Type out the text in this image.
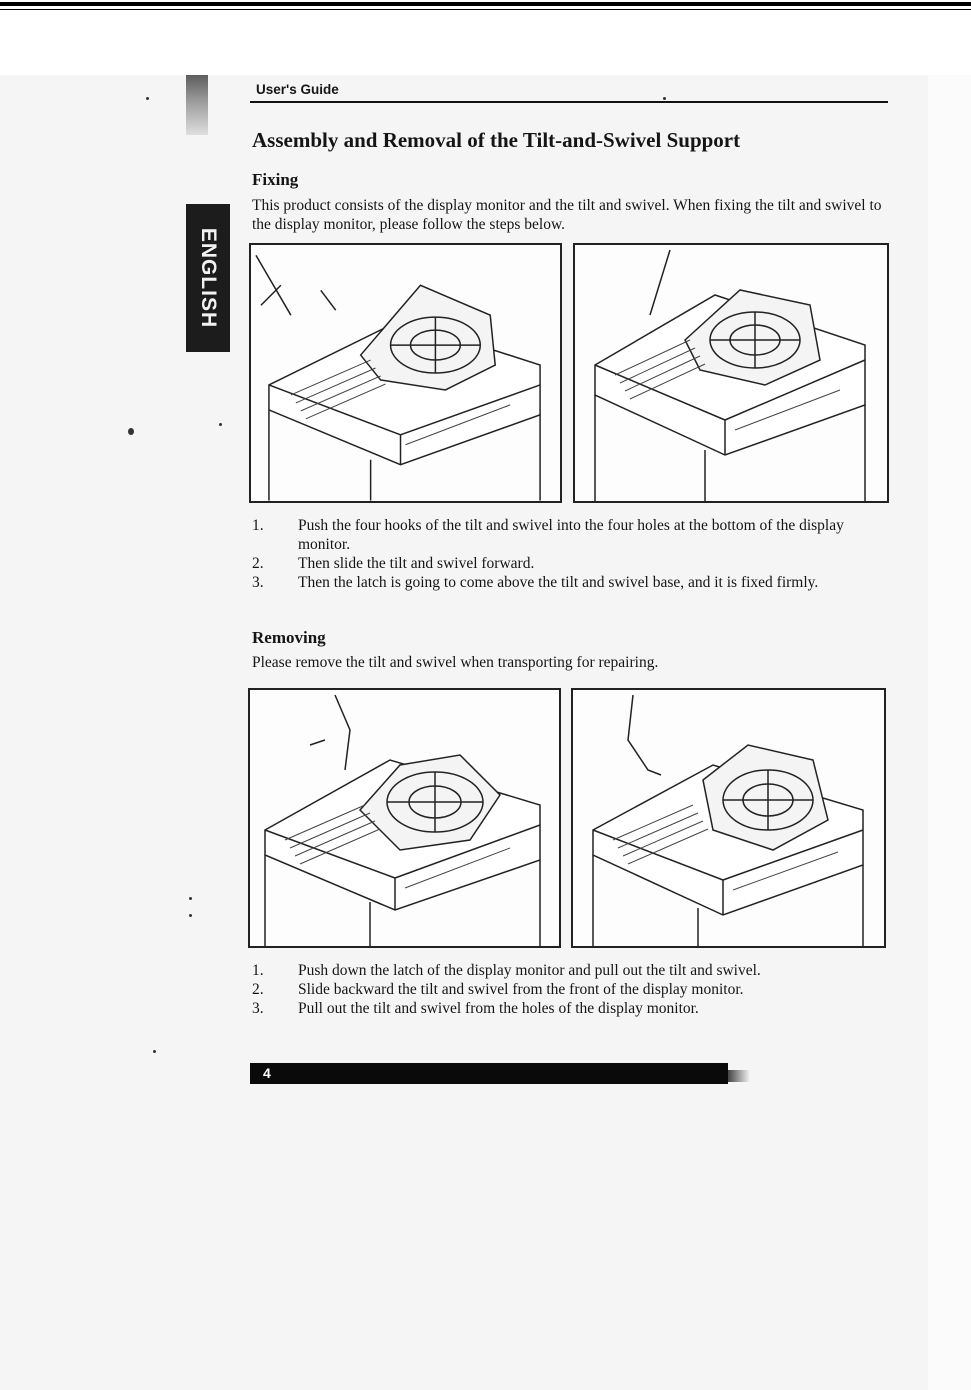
ENGLISH
User's Guide
Assembly and Removal of the Tilt-and-Swivel Support
Fixing

This product consists of the display monitor and the tilt and swivel. When fixing the tilt and swivel to the display monitor, please follow the steps below.

1. Push the four hooks of the tilt and swivel into the four holes at the bottom of the display monitor.
2. Then slide the tilt and swivel forward.
3. Then the latch is going to come above the tilt and swivel base, and it is fixed firmly.
Removing

Please remove the tilt and swivel when transporting for repairing.

1. Push down the latch of the display monitor and pull out the tilt and swivel.
2. Slide backward the tilt and swivel from the front of the display monitor.
3. Pull out the tilt and swivel from the holes of the display monitor.
4
